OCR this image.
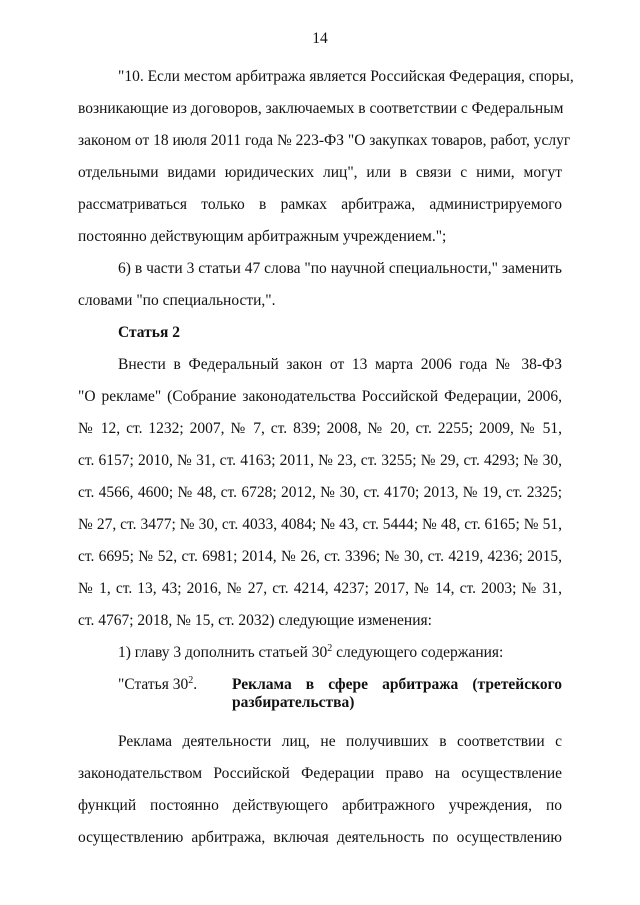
14
"10. Если местом арбитража является Российская Федерация, споры,
возникающие из договоров, заключаемых в соответствии с Федеральным
законом от 18 июля 2011 года № 223-ФЗ "О закупках товаров, работ, услуг
отдельными видами юридических лиц", или в связи с ними, могут
рассматриваться только в рамках арбитража, администрируемого
постоянно действующим арбитражным учреждением.";
6) в части 3 статьи 47 слова "по научной специальности," заменить
словами "по специальности,".
Статья 2
Внести в Федеральный закон от 13 марта 2006 года № 38-ФЗ
"О рекламе" (Собрание законодательства Российской Федерации, 2006,
№ 12, ст. 1232; 2007, № 7, ст. 839; 2008, № 20, ст. 2255; 2009, № 51,
ст. 6157; 2010, № 31, ст. 4163; 2011, № 23, ст. 3255; № 29, ст. 4293; № 30,
ст. 4566, 4600; № 48, ст. 6728; 2012, № 30, ст. 4170; 2013, № 19, ст. 2325;
№ 27, ст. 3477; № 30, ст. 4033, 4084; № 43, ст. 5444; № 48, ст. 6165; № 51,
ст. 6695; № 52, ст. 6981; 2014, № 26, ст. 3396; № 30, ст. 4219, 4236; 2015,
№ 1, ст. 13, 43; 2016, № 27, ст. 4214, 4237; 2017, № 14, ст. 2003; № 31,
ст. 4767; 2018, № 15, ст. 2032) следующие изменения:
1) главу 3 дополнить статьей $30^2$ следующего содержания:
"Статья $30^2$. Реклама в сфере арбитража (третейского
разбирательства)
Реклама деятельности лиц, не получивших в соответствии с
законодательством Российской Федерации право на осуществление
функций постоянно действующего арбитражного учреждения, по
осуществлению арбитража, включая деятельность по осуществлению
